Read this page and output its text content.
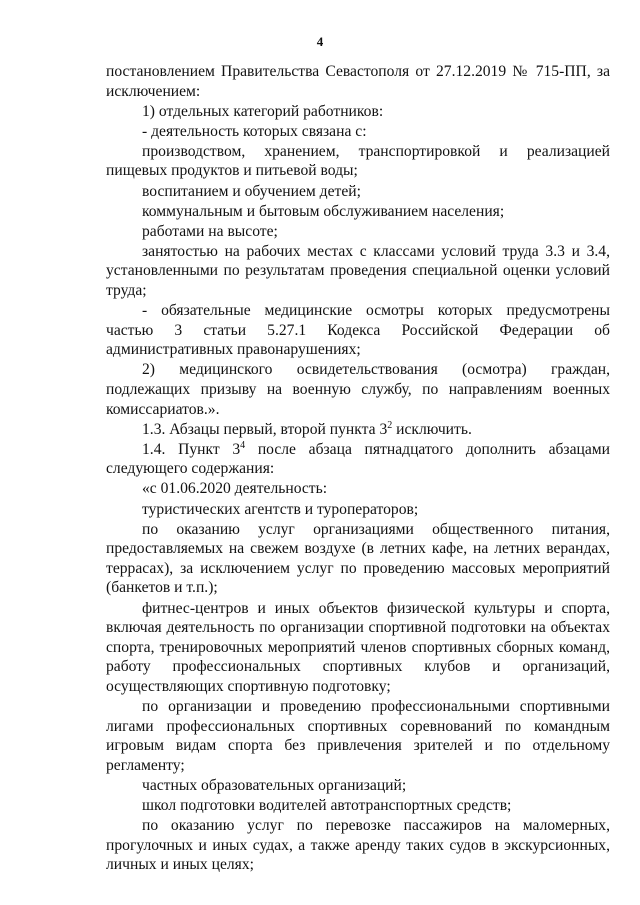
4

постановлением Правительства Севастополя от 27.12.2019 № 715-ПП, за исключением:

1) отдельных категорий работников:

- деятельность которых связана с:

производством, хранением, транспортировкой и реализацией пищевых продуктов и питьевой воды;

воспитанием и обучением детей;

коммунальным и бытовым обслуживанием населения;

работами на высоте;

занятостью на рабочих местах с классами условий труда 3.3 и 3.4, установленными по результатам проведения специальной оценки условий труда;

- обязательные медицинские осмотры которых предусмотрены частью 3 статьи 5.27.1 Кодекса Российской Федерации об административных правонарушениях;

2) медицинского освидетельствования (осмотра) граждан, подлежащих призыву на военную службу, по направлениям военных комиссариатов.».

1.3. Абзацы первый, второй пункта $3^2$ исключить.

1.4. Пункт $3^4$ после абзаца пятнадцатого дополнить абзацами следующего содержания:

«с 01.06.2020 деятельность:

туристических агентств и туроператоров;

по оказанию услуг организациями общественного питания, предоставляемых на свежем воздухе (в летних кафе, на летних верандах, террасах), за исключением услуг по проведению массовых мероприятий (банкетов и т.п.);

фитнес-центров и иных объектов физической культуры и спорта, включая деятельность по организации спортивной подготовки на объектах спорта, тренировочных мероприятий членов спортивных сборных команд, работу профессиональных спортивных клубов и организаций, осуществляющих спортивную подготовку;

по организации и проведению профессиональными спортивными лигами профессиональных спортивных соревнований по командным игровым видам спорта без привлечения зрителей и по отдельному регламенту;

частных образовательных организаций;

школ подготовки водителей автотранспортных средств;

по оказанию услуг по перевозке пассажиров на маломерных, прогулочных и иных судах, а также аренду таких судов в экскурсионных, личных и иных целях;
